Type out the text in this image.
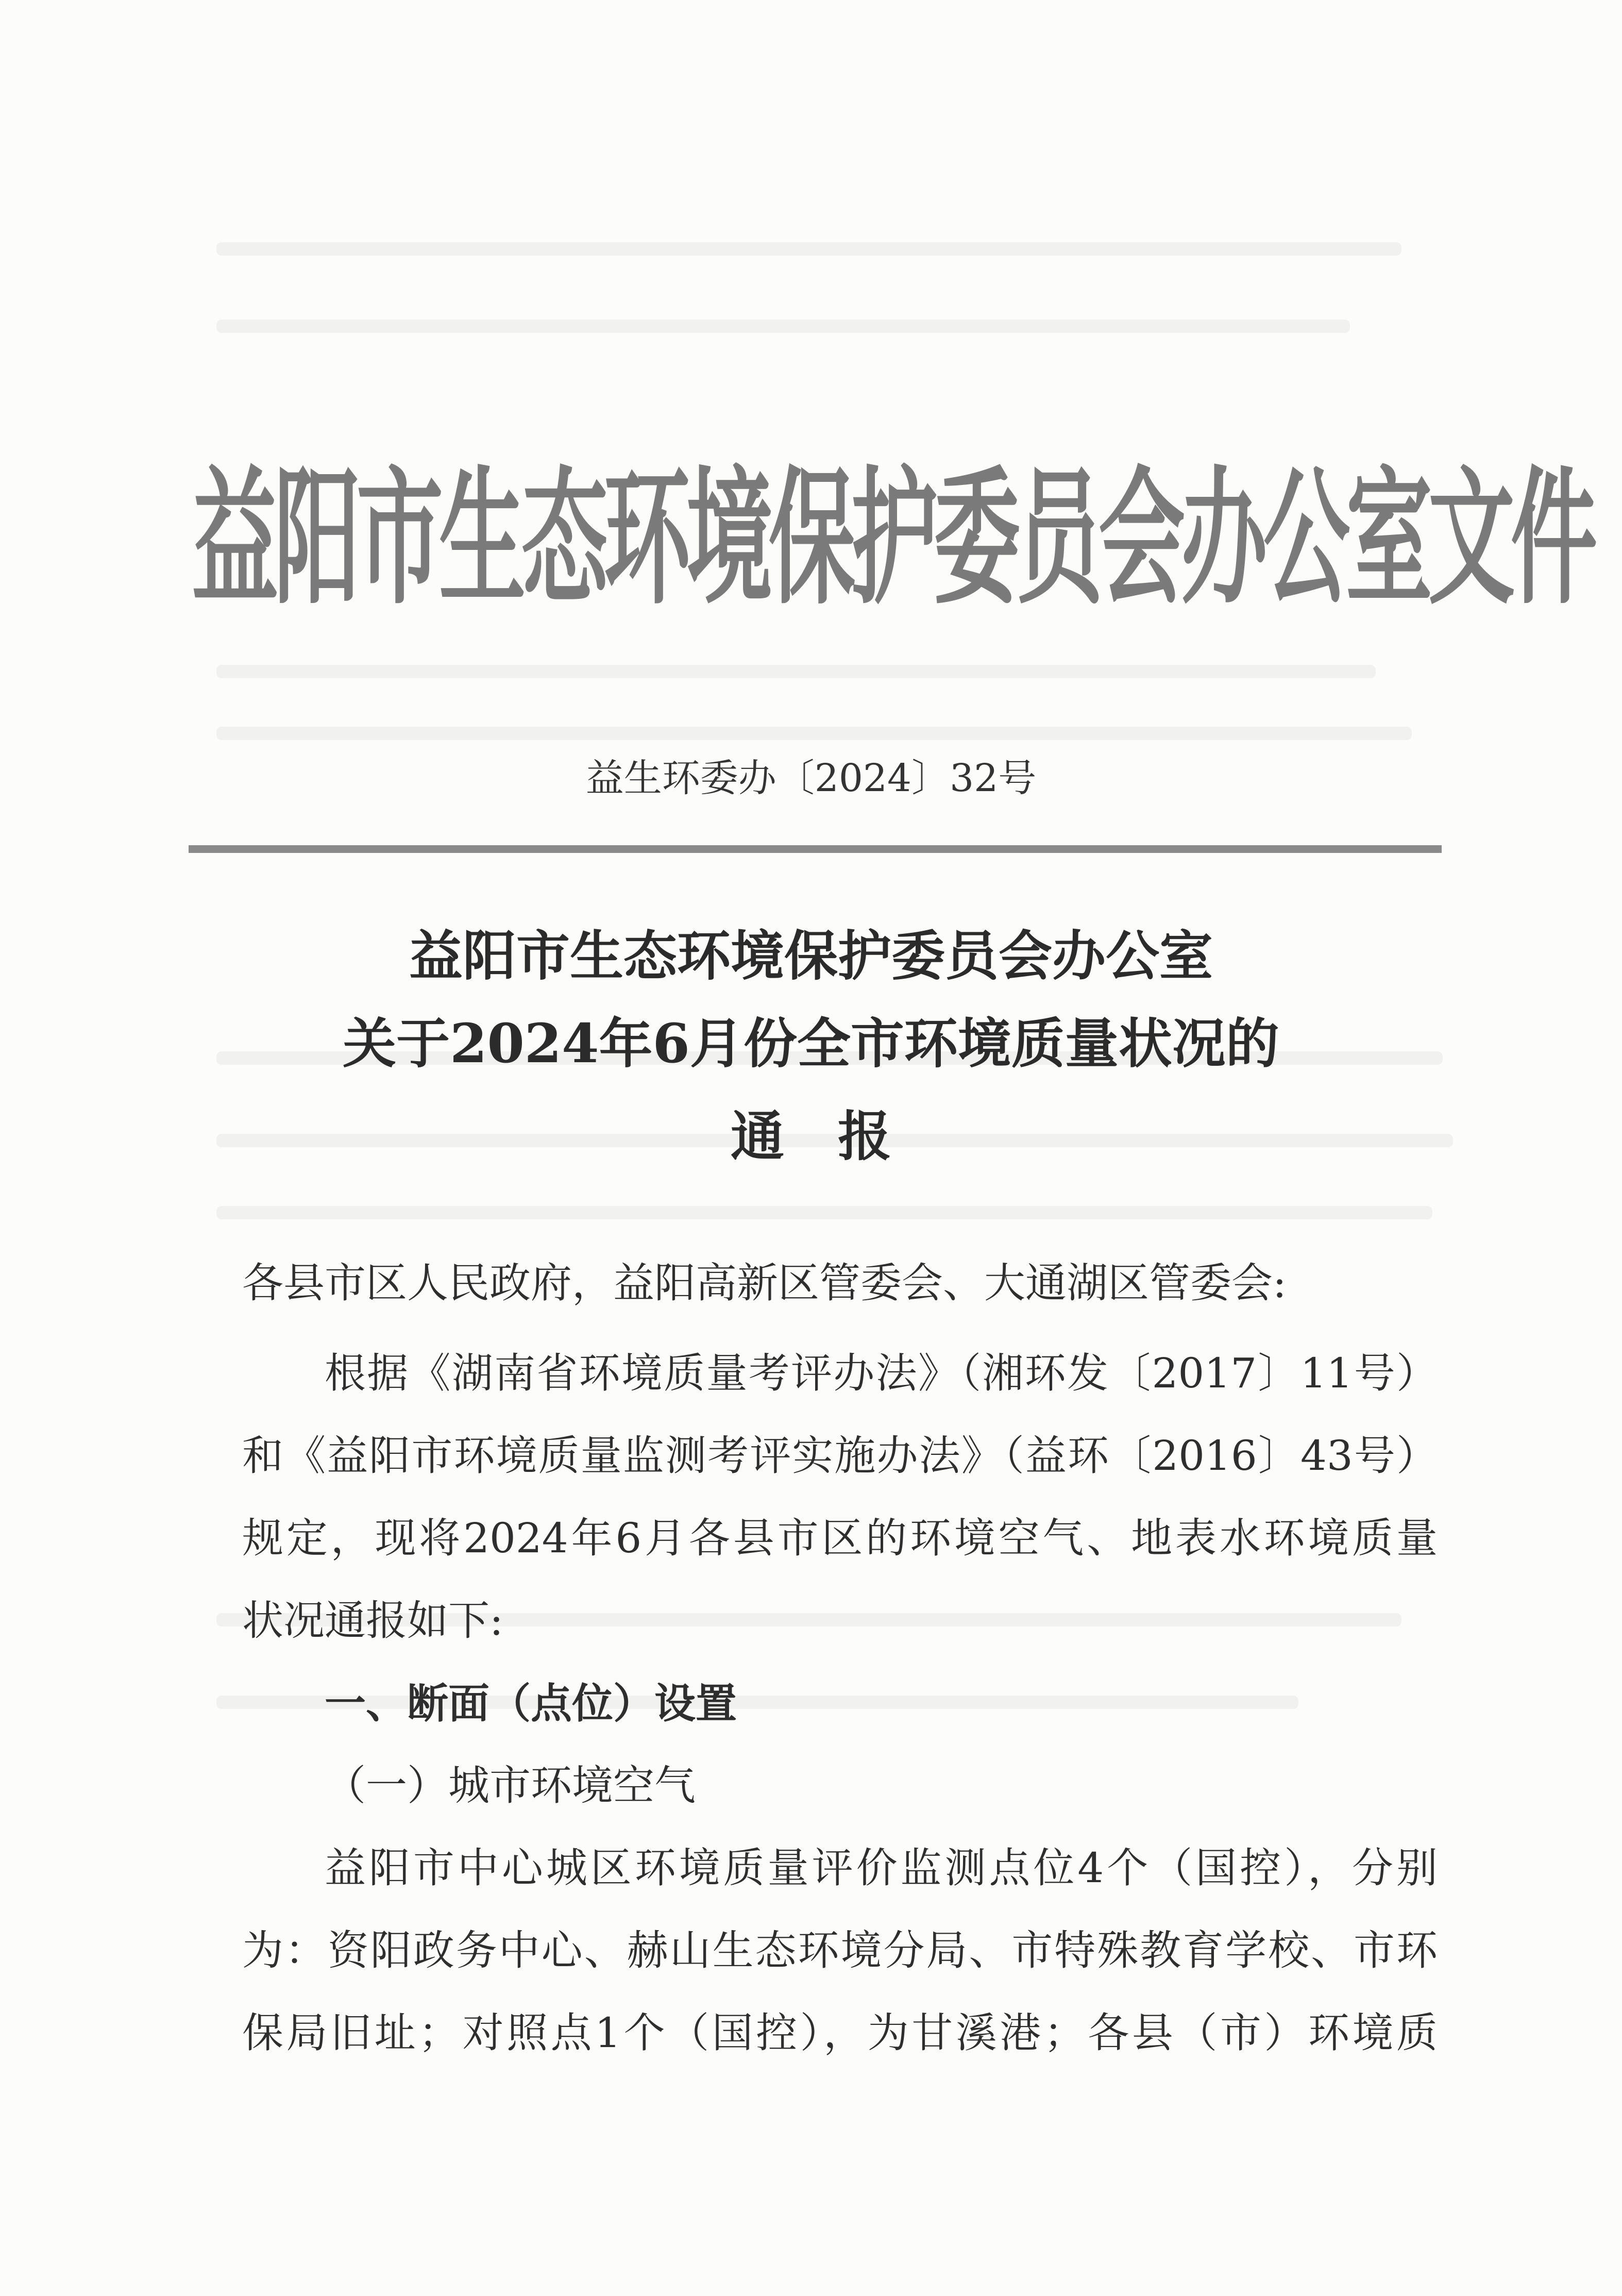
益阳市生态环境保护委员会办公室文件
益生环委办〔2024〕32号
益阳市生态环境保护委员会办公室
关于2024年6月份全市环境质量状况的
通　报
各县市区人民政府，益阳高新区管委会、大通湖区管委会:
根据《湖南省环境质量考评办法》（湘环发〔2017〕11号）
和《益阳市环境质量监测考评实施办法》（益环〔2016〕43号）
规定，现将2024年6月各县市区的环境空气、地表水环境质量
状况通报如下:
一、断面（点位）设置
（一）城市环境空气
益阳市中心城区环境质量评价监测点位4个（国控），分别
为：资阳政务中心、赫山生态环境分局、市特殊教育学校、市环
保局旧址；对照点1个（国控），为甘溪港；各县（市）环境质
